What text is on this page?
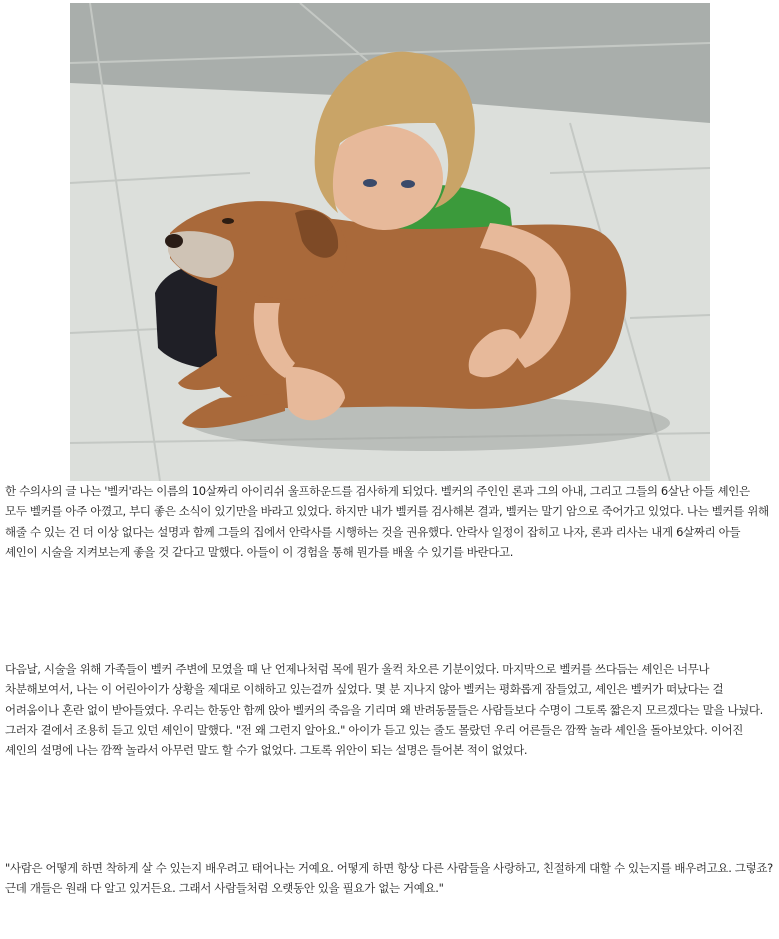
한 수의사의 글 나는 '벨커'라는 이름의 10살짜리 아이리쉬 울프하운드를 검사하게 되었다. 벨커의 주인인 론과 그의 아내, 그리고 그들의 6살난 아들 셰인은 모두 벨커를 아주 아꼈고, 부디 좋은 소식이 있기만을 바라고 있었다. 하지만 내가 벨커를 검사해본 결과, 벨커는 말기 암으로 죽어가고 있었다. 나는 벨커를 위해 해줄 수 있는 건 더 이상 없다는 설명과 함께 그들의 집에서 안락사를 시행하는 것을 권유했다. 안락사 일정이 잡히고 나자, 론과 리사는 내게 6살짜리 아들 셰인이 시술을 지켜보는게 좋을 것 같다고 말했다. 아들이 이 경험을 통해 뭔가를 배울 수 있기를 바란다고.

다음날, 시술을 위해 가족들이 벨커 주변에 모였을 때 난 언제나처럼 목에 뭔가 울컥 차오른 기분이었다. 마지막으로 벨커를 쓰다듬는 셰인은 너무나 차분해보여서, 나는 이 어린아이가 상황을 제대로 이해하고 있는걸까 싶었다. 몇 분 지나지 않아 벨커는 평화롭게 잠들었고, 셰인은 벨커가 떠났다는 걸 어려움이나 혼란 없이 받아들였다. 우리는 한동안 함께 앉아 벨커의 죽음을 기리며 왜 반려동물들은 사람들보다 수명이 그토록 짧은지 모르겠다는 말을 나눴다. 그러자 곁에서 조용히 듣고 있던 셰인이 말했다. "전 왜 그런지 알아요." 아이가 듣고 있는 줄도 몰랐던 우리 어른들은 깜짝 놀라 셰인을 돌아보았다. 이어진 셰인의 설명에 나는 깜짝 놀라서 아무런 말도 할 수가 없었다. 그토록 위안이 되는 설명은 들어본 적이 없었다.

"사람은 어떻게 하면 착하게 살 수 있는지 배우려고 태어나는 거예요. 어떻게 하면 항상 다른 사람들을 사랑하고, 친절하게 대할 수 있는지를 배우려고요. 그렇죠? 근데 개들은 원래 다 알고 있거든요. 그래서 사람들처럼 오랫동안 있을 필요가 없는 거예요."
